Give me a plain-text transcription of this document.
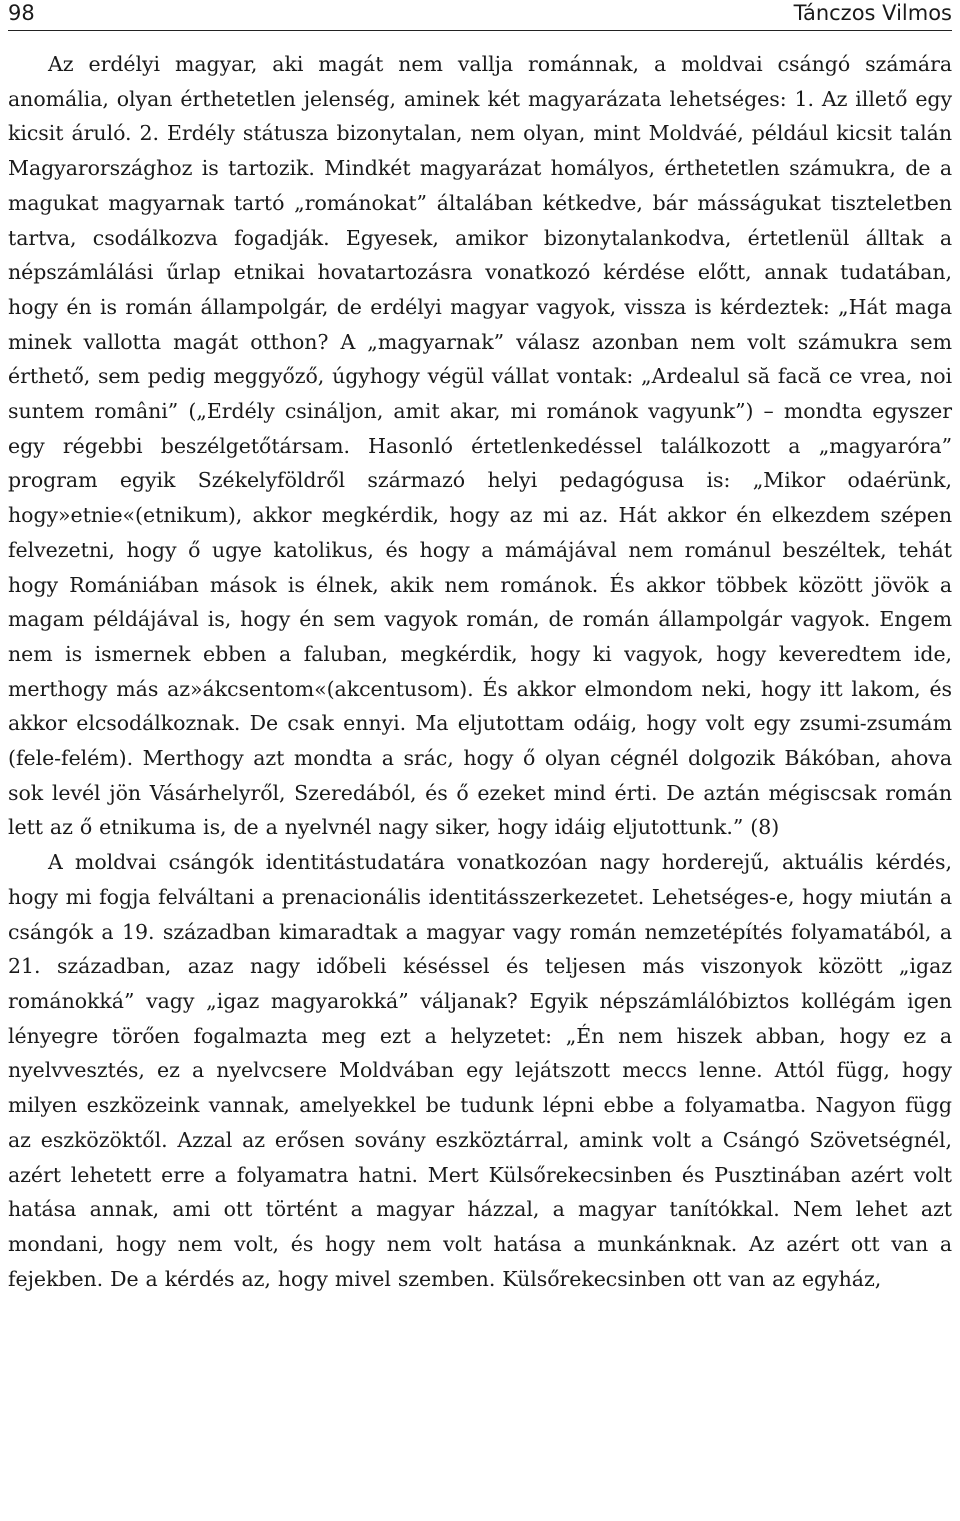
98	Tánczos Vilmos

Az erdélyi magyar, aki magát nem vallja románnak, a moldvai csángó számára anomália, olyan érthetetlen jelenség, aminek két magyarázata lehetséges: 1. Az illető egy kicsit áruló. 2. Erdély státusza bizonytalan, nem olyan, mint Moldváé, például kicsit talán Magyarországhoz is tartozik. Mindkét magyarázat homályos, érthetetlen számukra, de a magukat magyarnak tartó „románokat” általában kétkedve, bár másságukat tiszteletben tartva, csodálkozva fogadják. Egyesek, amikor bizonytalankodva, értetlenül álltak a népszámlálási űrlap etnikai hovatartozásra vonatkozó kérdése előtt, annak tudatában, hogy én is román állampolgár, de erdélyi magyar vagyok, vissza is kérdeztek: „Hát maga minek vallotta magát otthon? A „magyarnak” válasz azonban nem volt számukra sem érthető, sem pedig meggyőző, úgyhogy végül vállat vontak: „Ardealul să facă ce vrea, noi suntem români” („Erdély csináljon, amit akar, mi románok vagyunk”) – mondta egyszer egy régebbi beszélgetőtársam. Hasonló értetlenkedéssel találkozott a „magyaróra” program egyik Székelyföldről származó helyi pedagógusa is: „Mikor odaérünk, hogy»etnie«(etnikum), akkor megkérdik, hogy az mi az. Hát akkor én elkezdem szépen felvezetni, hogy ő ugye katolikus, és hogy a mámájával nem románul beszéltek, tehát hogy Romániában mások is élnek, akik nem románok. És akkor többek között jövök a magam példájával is, hogy én sem vagyok román, de román állampolgár vagyok. Engem nem is ismernek ebben a faluban, megkérdik, hogy ki vagyok, hogy keveredtem ide, merthogy más az»ákcsentom«(akcentusom). És akkor elmondom neki, hogy itt lakom, és akkor elcsodálkoznak. De csak ennyi. Ma eljutottam odáig, hogy volt egy zsumi-zsumám (fele-felém). Merthogy azt mondta a srác, hogy ő olyan cégnél dolgozik Bákóban, ahova sok levél jön Vásárhelyről, Szeredából, és ő ezeket mind érti. De aztán mégiscsak román lett az ő etnikuma is, de a nyelvnél nagy siker, hogy idáig eljutottunk.” (8)

A moldvai csángók identitástudatára vonatkozóan nagy horderejű, aktuális kérdés, hogy mi fogja felváltani a prenacionális identitásszerkezetet. Lehetséges-e, hogy miután a csángók a 19. században kimaradtak a magyar vagy román nemzetépítés folyamatából, a 21. században, azaz nagy időbeli késéssel és teljesen más viszonyok között „igaz románokká” vagy „igaz magyarokká” váljanak? Egyik népszámlálóbiztos kollégám igen lényegre törően fogalmazta meg ezt a helyzetet: „Én nem hiszek abban, hogy ez a nyelvvesztés, ez a nyelvcsere Moldvában egy lejátszott meccs lenne. Attól függ, hogy milyen eszközeink vannak, amelyekkel be tudunk lépni ebbe a folyamatba. Nagyon függ az eszközöktől. Azzal az erősen sovány eszköztárral, amink volt a Csángó Szövetségnél, azért lehetett erre a folyamatra hatni. Mert Külsőrekecsinben és Pusztinában azért volt hatása annak, ami ott történt a magyar házzal, a magyar tanítókkal. Nem lehet azt mondani, hogy nem volt, és hogy nem volt hatása a munkánknak. Az azért ott van a fejekben. De a kérdés az, hogy mivel szemben. Külsőrekecsinben ott van az egyház,
